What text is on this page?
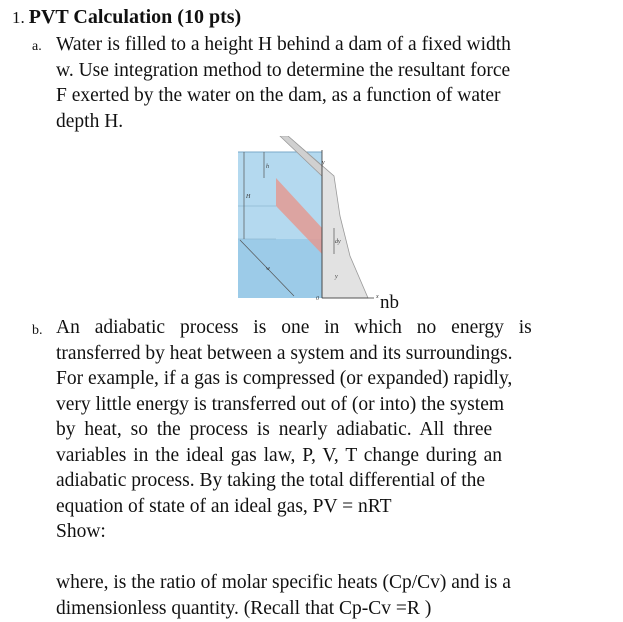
1. PVT Calculation (10 pts)
a. Water is filled to a height H behind a dam of a fixed width
w. Use integration method to determine the resultant force
F exerted by the water on the dam, as a function of water
depth H.
y
h
H
dy
y
w
0	x nb
b. An adiabatic process is one in which no energy is
transferred by heat between a system and its surroundings.
For example, if a gas is compressed (or expanded) rapidly,
very little energy is transferred out of (or into) the system
by heat, so the process is nearly adiabatic. All three
variables in the ideal gas law, P, V, T change during an
adiabatic process. By taking the total differential of the
equation of state of an ideal gas, PV = nRT
Show:
where, is the ratio of molar specific heats (Cp/Cv) and is a
dimensionless quantity. (Recall that Cp-Cv =R )
